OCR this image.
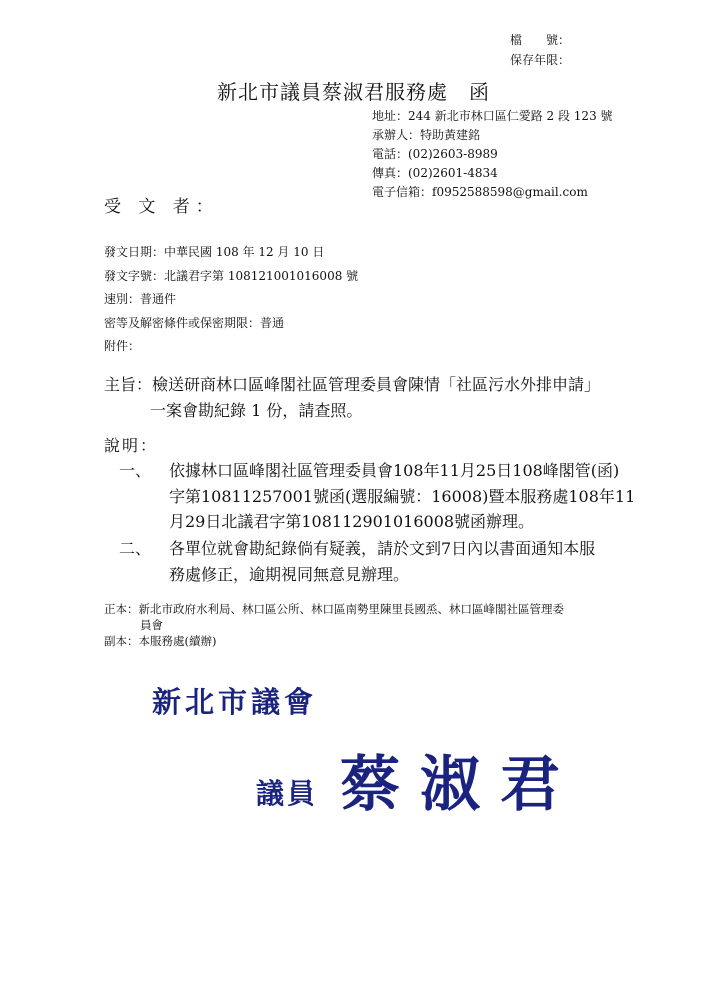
檔　　號：
保存年限：
新北市議員蔡淑君服務處　函
地址：244 新北市林口區仁愛路 2 段 123 號
承辦人：特助黃建銘
電話：(02)2603-8989
傳真：(02)2601-4834
電子信箱：f0952588598@gmail.com
受 文 者：
發文日期：中華民國 108 年 12 月 10 日
發文字號：北議君字第 108121001016008 號
速別：普通件
密等及解密條件或保密期限：普通
附件：
主旨：檢送研商林口區峰閣社區管理委員會陳情「社區污水外排申請」
一案會勘紀錄 1 份，請查照。
說明：
一、	依據林口區峰閣社區管理委員會108年11月25日108峰閣管(函)
字第10811257001號函(選服編號：16008)暨本服務處108年11
月29日北議君字第108112901016008號函辦理。
二、	各單位就會勘紀錄倘有疑義，請於文到7日內以書面通知本服
務處修正，逾期視同無意見辦理。
正本：新北市政府水利局、林口區公所、林口區南勢里陳里長國烝、林口區峰閣社區管理委
員會
副本：本服務處(續辦)
新北市議會
議員 蔡淑君
